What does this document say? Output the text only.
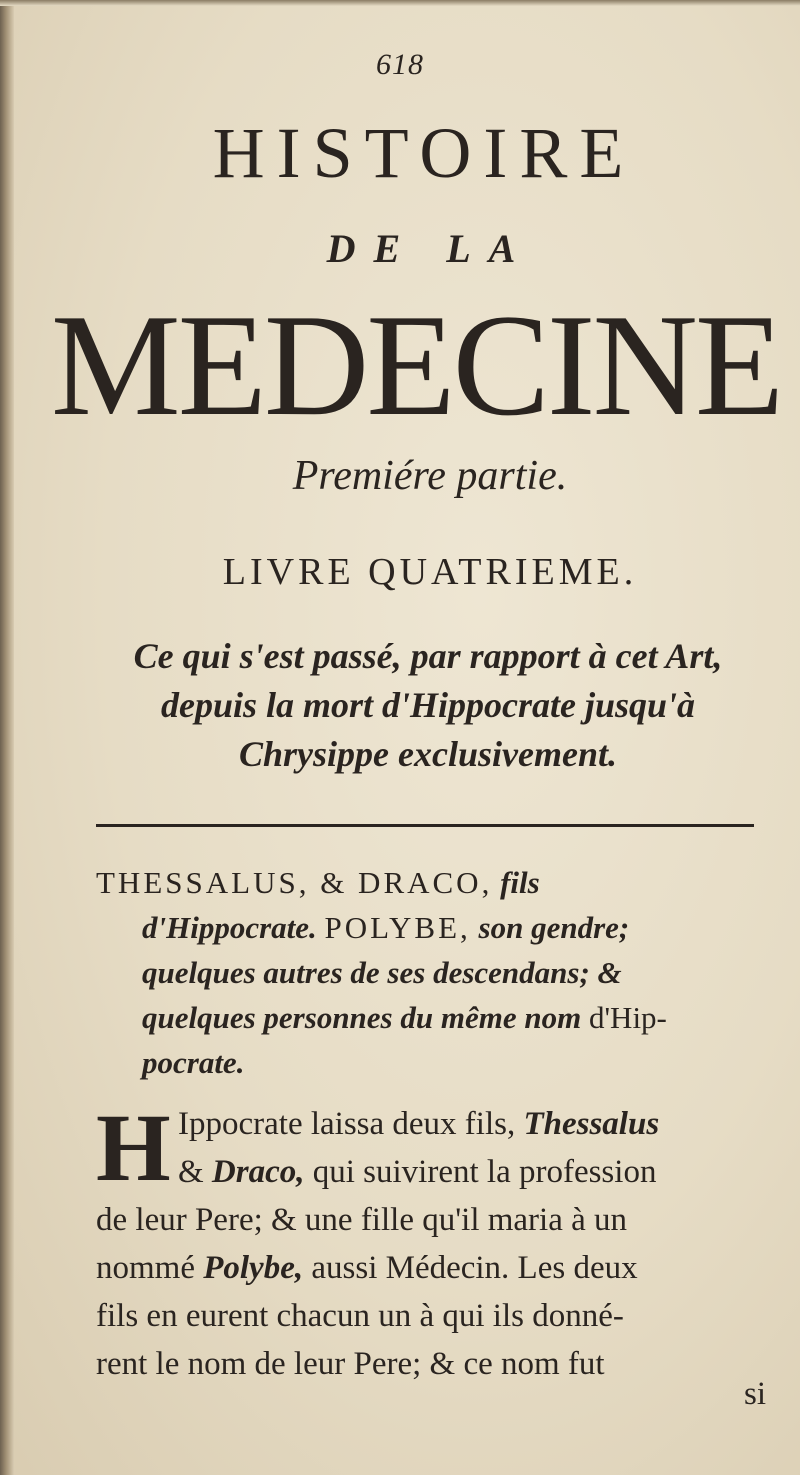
618
HISTOIRE
DE LA
MEDECINE
Premiére partie.
LIVRE QUATRIEME.
Ce qui s'est passé, par rapport à cet Art,
depuis la mort d'Hippocrate jusqu'à
Chrysippe exclusivement.
THESSALUS, & DRACO, fils
d'Hippocrate. POLYBE, son gendre;
quelques autres de ses descendans; &
quelques personnes du même nom d'Hip-
pocrate.
H Ippocrate laissa deux fils, Thessalus
& Draco, qui suivirent la profession
de leur Pere; & une fille qu'il maria à un
nommé Polybe, aussi Médecin. Les deux
fils en eurent chacun un à qui ils donné-
rent le nom de leur Pere; & ce nom fut
si
